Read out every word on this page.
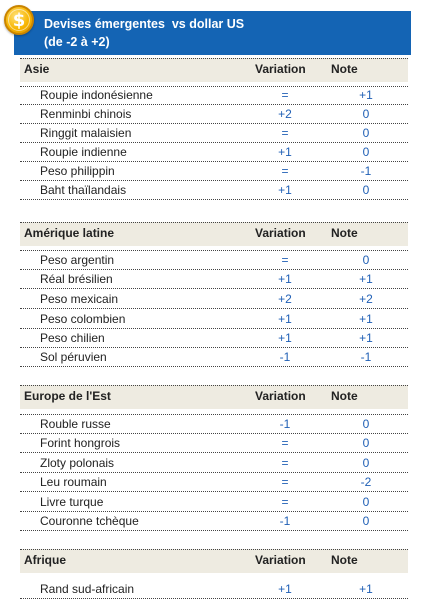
$	Devises émergentes  vs dollar US
(de -2 à +2)
Asie	Variation Note
Roupie indonésienne	=	+1
Renminbi chinois	+2	0
Ringgit malaisien	=	0
Roupie indienne	+1	0
Peso philippin	=	-1
Baht thaïlandais	+1	0
Amérique latine	Variation Note
Peso argentin	=	0
Réal brésilien	+1	+1
Peso mexicain	+2	+2
Peso colombien	+1	+1
Peso chilien	+1	+1
Sol péruvien	-1	-1
Europe de l'Est	Variation Note
Rouble russe	-1	0
Forint hongrois	=	0
Zloty polonais	=	0
Leu roumain	=	-2
Livre turque	=	0
Couronne tchèque	-1	0
Afrique	Variation Note
Rand sud-africain	+1	+1
